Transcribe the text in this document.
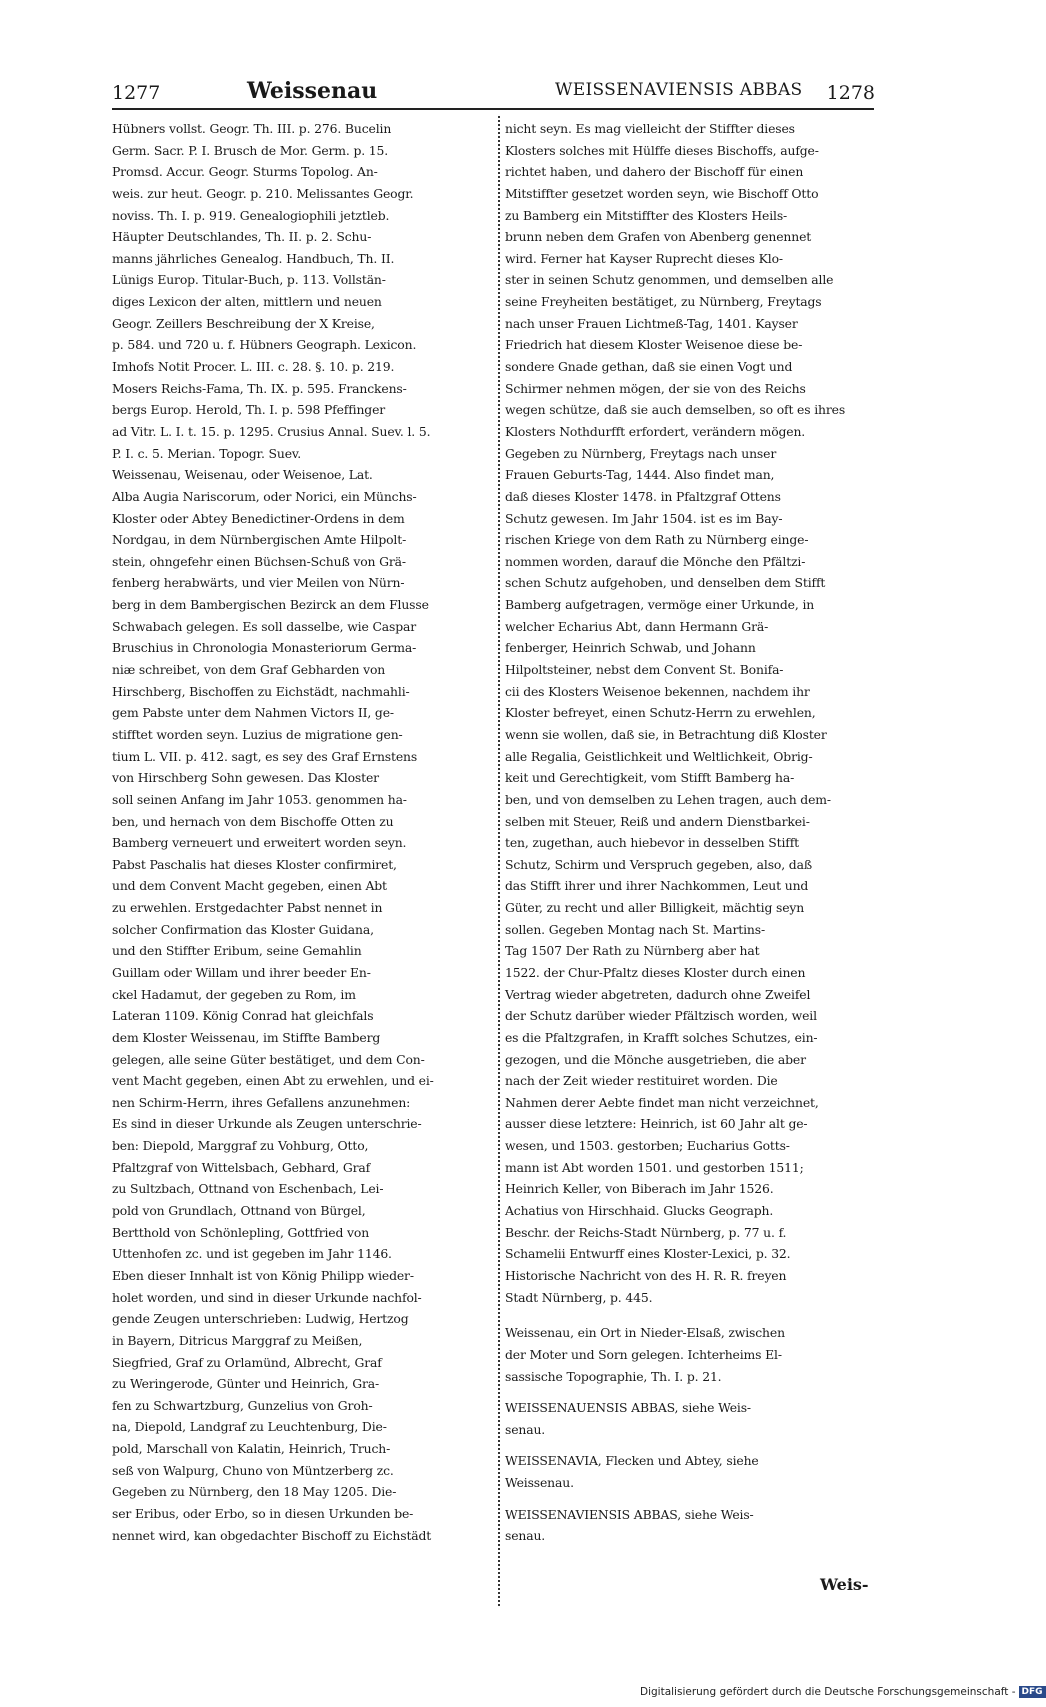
1277	Weissenau	WEISSENAVIENSIS ABBAS 1278
Hübners vollst. Geogr. Th. III. p. 276. Bucelin
Germ. Sacr. P. I. Brusch de Mor. Germ. p. 15.
Promsd. Accur. Geogr. Sturms Topolog. An-
weis. zur heut. Geogr. p. 210. Melissantes Geogr.
noviss. Th. I. p. 919. Genealogiophili jetztleb.
Häupter Deutschlandes, Th. II. p. 2. Schu-
manns jährliches Genealog. Handbuch, Th. II.
Lünigs Europ. Titular-Buch, p. 113. Vollstän-
diges Lexicon der alten, mittlern und neuen
Geogr. Zeillers Beschreibung der X Kreise,
p. 584. und 720 u. f. Hübners Geograph. Lexicon.
Imhofs Notit Procer. L. III. c. 28. §. 10. p. 219.
Mosers Reichs-Fama, Th. IX. p. 595. Franckens-
bergs Europ. Herold, Th. I. p. 598 Pfeffinger
ad Vitr. L. I. t. 15. p. 1295. Crusius Annal. Suev. l. 5.
P. I. c. 5. Merian. Topogr. Suev.
Weissenau, Weisenau, oder Weisenoe, Lat.
Alba Augia Nariscorum, oder Norici, ein Münchs-
Kloster oder Abtey Benedictiner-Ordens in dem
Nordgau, in dem Nürnbergischen Amte Hilpolt-
stein, ohngefehr einen Büchsen-Schuß von Grä-
fenberg herabwärts, und vier Meilen von Nürn-
berg in dem Bambergischen Bezirck an dem Flusse
Schwabach gelegen. Es soll dasselbe, wie Caspar
Bruschius in Chronologia Monasteriorum Germa-
niæ schreibet, von dem Graf Gebharden von
Hirschberg, Bischoffen zu Eichstädt, nachmahli-
gem Pabste unter dem Nahmen Victors II, ge-
stifftet worden seyn. Luzius de migratione gen-
tium L. VII. p. 412. sagt, es sey des Graf Ernstens
von Hirschberg Sohn gewesen. Das Kloster
soll seinen Anfang im Jahr 1053. genommen ha-
ben, und hernach von dem Bischoffe Otten zu
Bamberg verneuert und erweitert worden seyn.
Pabst Paschalis hat dieses Kloster confirmiret,
und dem Convent Macht gegeben, einen Abt
zu erwehlen. Erstgedachter Pabst nennet in
solcher Confirmation das Kloster Guidana,
und den Stiffter Eribum, seine Gemahlin
Guillam oder Willam und ihrer beeder En-
ckel Hadamut, der gegeben zu Rom, im
Lateran 1109. König Conrad hat gleichfals
dem Kloster Weissenau, im Stiffte Bamberg
gelegen, alle seine Güter bestätiget, und dem Con-
vent Macht gegeben, einen Abt zu erwehlen, und ei-
nen Schirm-Herrn, ihres Gefallens anzunehmen:
Es sind in dieser Urkunde als Zeugen unterschrie-
ben: Diepold, Marggraf zu Vohburg, Otto,
Pfaltzgraf von Wittelsbach, Gebhard, Graf
zu Sultzbach, Ottnand von Eschenbach, Lei-
pold von Grundlach, Ottnand von Bürgel,
Bertthold von Schönlepling, Gottfried von
Uttenhofen zc. und ist gegeben im Jahr 1146.
Eben dieser Innhalt ist von König Philipp wieder-
holet worden, und sind in dieser Urkunde nachfol-
gende Zeugen unterschrieben: Ludwig, Hertzog
in Bayern, Ditricus Marggraf zu Meißen,
Siegfried, Graf zu Orlamünd, Albrecht, Graf
zu Weringerode, Günter und Heinrich, Gra-
fen zu Schwartzburg, Gunzelius von Groh-
na, Diepold, Landgraf zu Leuchtenburg, Die-
pold, Marschall von Kalatin, Heinrich, Truch-
seß von Walpurg, Chuno von Müntzerberg zc.
Gegeben zu Nürnberg, den 18 May 1205. Die-
ser Eribus, oder Erbo, so in diesen Urkunden be-
nennet wird, kan obgedachter Bischoff zu Eichstädt
nicht seyn. Es mag vielleicht der Stiffter dieses
Klosters solches mit Hülffe dieses Bischoffs, aufge-
richtet haben, und dahero der Bischoff für einen
Mitstiffter gesetzet worden seyn, wie Bischoff Otto
zu Bamberg ein Mitstiffter des Klosters Heils-
brunn neben dem Grafen von Abenberg genennet
wird. Ferner hat Kayser Ruprecht dieses Klo-
ster in seinen Schutz genommen, und demselben alle
seine Freyheiten bestätiget, zu Nürnberg, Freytags
nach unser Frauen Lichtmeß-Tag, 1401. Kayser
Friedrich hat diesem Kloster Weisenoe diese be-
sondere Gnade gethan, daß sie einen Vogt und
Schirmer nehmen mögen, der sie von des Reichs
wegen schütze, daß sie auch demselben, so oft es ihres
Klosters Nothdurfft erfordert, verändern mögen.
Gegeben zu Nürnberg, Freytags nach unser
Frauen Geburts-Tag, 1444. Also findet man,
daß dieses Kloster 1478. in Pfaltzgraf Ottens
Schutz gewesen. Im Jahr 1504. ist es im Bay-
rischen Kriege von dem Rath zu Nürnberg einge-
nommen worden, darauf die Mönche den Pfältzi-
schen Schutz aufgehoben, und denselben dem Stifft
Bamberg aufgetragen, vermöge einer Urkunde, in
welcher Echarius Abt, dann Hermann Grä-
fenberger, Heinrich Schwab, und Johann
Hilpoltsteiner, nebst dem Convent St. Bonifa-
cii des Klosters Weisenoe bekennen, nachdem ihr
Kloster befreyet, einen Schutz-Herrn zu erwehlen,
wenn sie wollen, daß sie, in Betrachtung diß Kloster
alle Regalia, Geistlichkeit und Weltlichkeit, Obrig-
keit und Gerechtigkeit, vom Stifft Bamberg ha-
ben, und von demselben zu Lehen tragen, auch dem-
selben mit Steuer, Reiß und andern Dienstbarkei-
ten, zugethan, auch hiebevor in desselben Stifft
Schutz, Schirm und Verspruch gegeben, also, daß
das Stifft ihrer und ihrer Nachkommen, Leut und
Güter, zu recht und aller Billigkeit, mächtig seyn
sollen. Gegeben Montag nach St. Martins-
Tag 1507 Der Rath zu Nürnberg aber hat
1522. der Chur-Pfaltz dieses Kloster durch einen
Vertrag wieder abgetreten, dadurch ohne Zweifel
der Schutz darüber wieder Pfältzisch worden, weil
es die Pfaltzgrafen, in Krafft solches Schutzes, ein-
gezogen, und die Mönche ausgetrieben, die aber
nach der Zeit wieder restituiret worden. Die
Nahmen derer Aebte findet man nicht verzeichnet,
ausser diese letztere: Heinrich, ist 60 Jahr alt ge-
wesen, und 1503. gestorben; Eucharius Gotts-
mann ist Abt worden 1501. und gestorben 1511;
Heinrich Keller, von Biberach im Jahr 1526.
Achatius von Hirschhaid. Glucks Geograph.
Beschr. der Reichs-Stadt Nürnberg, p. 77 u. f.
Schamelii Entwurff eines Kloster-Lexici, p. 32.
Historische Nachricht von des H. R. R. freyen
Stadt Nürnberg, p. 445.
Weissenau, ein Ort in Nieder-Elsaß, zwischen
der Moter und Sorn gelegen. Ichterheims El-
sassische Topographie, Th. I. p. 21.
WEISSENAUENSIS ABBAS, siehe Weis-
senau.
WEISSENAVIA, Flecken und Abtey, siehe
Weissenau.
WEISSENAVIENSIS ABBAS, siehe Weis-
senau.
Weis-
Digitalisierung gefördert durch die Deutsche Forschungsgemeinschaft - DFG
